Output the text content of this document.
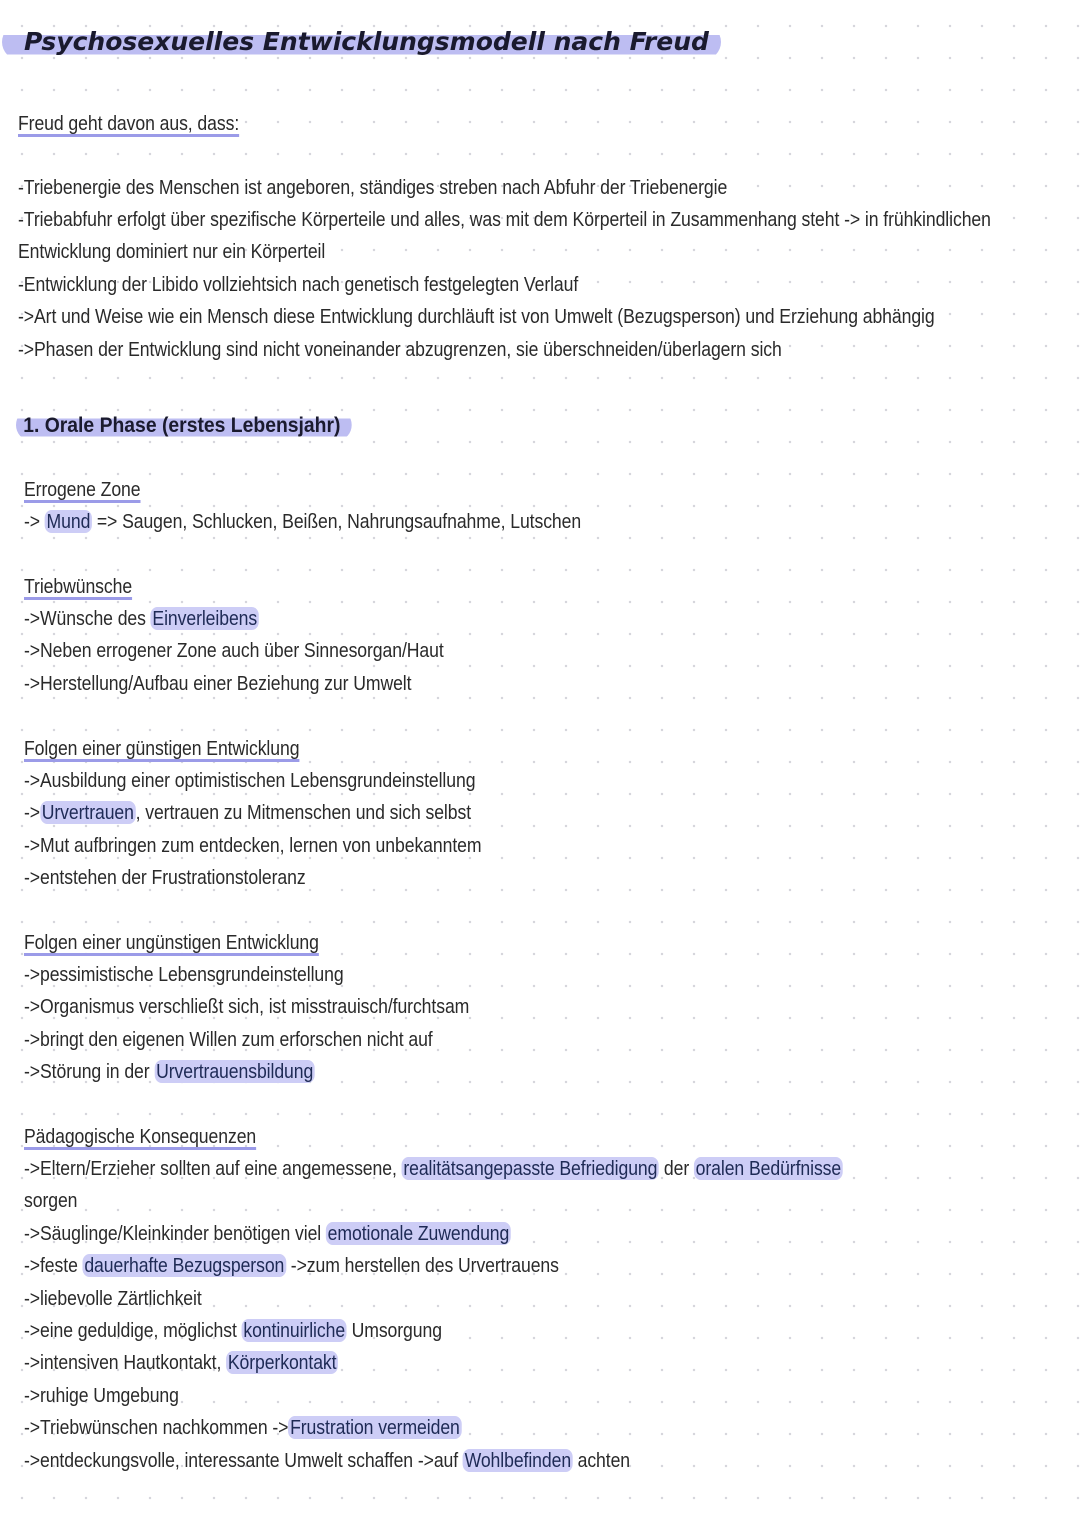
Psychosexuelles Entwicklungsmodell nach Freud
Freud geht davon aus, dass:
-Triebenergie des Menschen ist angeboren, ständiges streben nach Abfuhr der Triebenergie
-Triebabfuhr erfolgt über spezifische Körperteile und alles, was mit dem Körperteil in Zusammenhang steht -> in frühkindlichen
Entwicklung dominiert nur ein Körperteil
-Entwicklung der Libido vollziehtsich nach genetisch festgelegten Verlauf
->Art und Weise wie ein Mensch diese Entwicklung durchläuft ist von Umwelt (Bezugsperson) und Erziehung abhängig
->Phasen der Entwicklung sind nicht voneinander abzugrenzen, sie überschneiden/überlagern sich
1. Orale Phase (erstes Lebensjahr)
Errogene Zone
-> Mund => Saugen, Schlucken, Beißen, Nahrungsaufnahme, Lutschen
Triebwünsche
->Wünsche des Einverleibens
->Neben errogener Zone auch über Sinnesorgan/Haut
->Herstellung/Aufbau einer Beziehung zur Umwelt
Folgen einer günstigen Entwicklung
->Ausbildung einer optimistischen Lebensgrundeinstellung
->Urvertrauen, vertrauen zu Mitmenschen und sich selbst
->Mut aufbringen zum entdecken, lernen von unbekanntem
->entstehen der Frustrationstoleranz
Folgen einer ungünstigen Entwicklung
->pessimistische Lebensgrundeinstellung
->Organismus verschließt sich, ist misstrauisch/furchtsam
->bringt den eigenen Willen zum erforschen nicht auf
->Störung in der Urvertrauensbildung
Pädagogische Konsequenzen
->Eltern/Erzieher sollten auf eine angemessene, realitätsangepasste Befriedigung der oralen Bedürfnisse
sorgen
->Säuglinge/Kleinkinder benötigen viel emotionale Zuwendung
->feste dauerhafte Bezugsperson ->zum herstellen des Urvertrauens
->liebevolle Zärtlichkeit
->eine geduldige, möglichst kontinuirliche Umsorgung
->intensiven Hautkontakt, Körperkontakt
->ruhige Umgebung
->Triebwünschen nachkommen ->Frustration vermeiden
->entdeckungsvolle, interessante Umwelt schaffen ->auf Wohlbefinden achten
